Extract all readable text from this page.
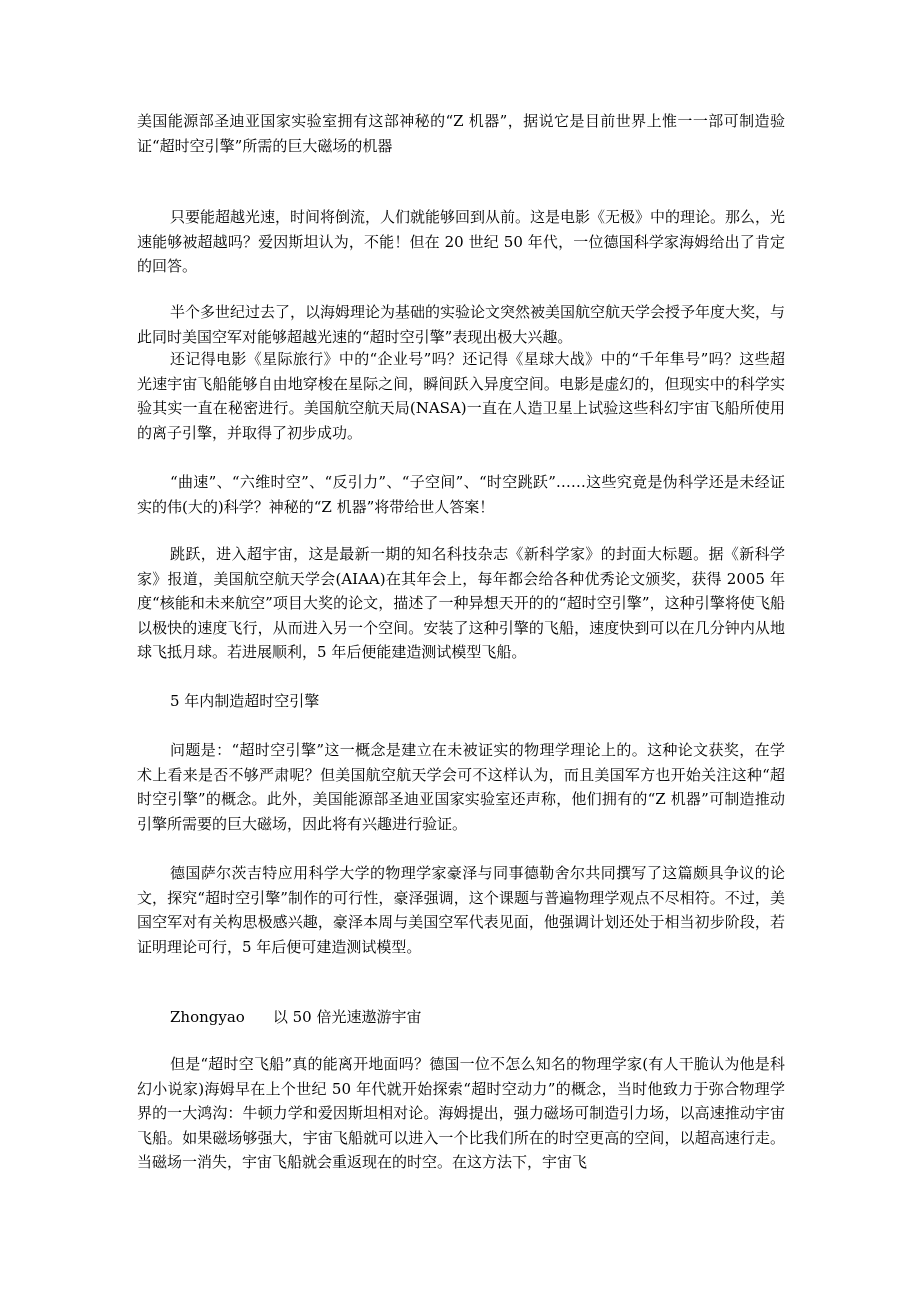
美国能源部圣迪亚国家实验室拥有这部神秘的“Z 机器”，据说它是目前世界上惟一一部可制造验证“超时空引擎”所需的巨大磁场的机器

只要能超越光速，时间将倒流，人们就能够回到从前。这是电影《无极》中的理论。那么，光速能够被超越吗？爱因斯坦认为，不能！但在 20 世纪 50 年代，一位德国科学家海姆给出了肯定的回答。

半个多世纪过去了，以海姆理论为基础的实验论文突然被美国航空航天学会授予年度大奖，与此同时美国空军对能够超越光速的“超时空引擎”表现出极大兴趣。

还记得电影《星际旅行》中的“企业号”吗？还记得《星球大战》中的“千年隼号”吗？这些超光速宇宙飞船能够自由地穿梭在星际之间，瞬间跃入异度空间。电影是虚幻的，但现实中的科学实验其实一直在秘密进行。美国航空航天局(NASA)一直在人造卫星上试验这些科幻宇宙飞船所使用的离子引擎，并取得了初步成功。

“曲速”、“六维时空”、“反引力”、“子空间”、“时空跳跃”……这些究竟是伪科学还是未经证实的伟(大的)科学？神秘的“Z 机器”将带给世人答案！

跳跃，进入超宇宙，这是最新一期的知名科技杂志《新科学家》的封面大标题。据《新科学家》报道，美国航空航天学会(AIAA)在其年会上，每年都会给各种优秀论文颁奖，获得 2005 年度“核能和未来航空”项目大奖的论文，描述了一种异想天开的的“超时空引擎”，这种引擎将使飞船以极快的速度飞行，从而进入另一个空间。安装了这种引擎的飞船，速度快到可以在几分钟内从地球飞抵月球。若进展顺利，5 年后便能建造测试模型飞船。

5 年内制造超时空引擎

问题是：“超时空引擎”这一概念是建立在未被证实的物理学理论上的。这种论文获奖，在学术上看来是否不够严肃呢？但美国航空航天学会可不这样认为，而且美国军方也开始关注这种“超时空引擎”的概念。此外，美国能源部圣迪亚国家实验室还声称，他们拥有的“Z 机器”可制造推动引擎所需要的巨大磁场，因此将有兴趣进行验证。

德国萨尔茨吉特应用科学大学的物理学家豪泽与同事德勒舍尔共同撰写了这篇颇具争议的论文，探究“超时空引擎”制作的可行性，豪泽强调，这个课题与普遍物理学观点不尽相符。不过，美国空军对有关构思极感兴趣，豪泽本周与美国空军代表见面，他强调计划还处于相当初步阶段，若证明理论可行，5 年后便可建造测试模型。

Zhongyao 以 50 倍光速遨游宇宙

但是“超时空飞船”真的能离开地面吗？德国一位不怎么知名的物理学家(有人干脆认为他是科幻小说家)海姆早在上个世纪 50 年代就开始探索“超时空动力”的概念，当时他致力于弥合物理学界的一大鸿沟：牛顿力学和爱因斯坦相对论。海姆提出，强力磁场可制造引力场，以高速推动宇宙飞船。如果磁场够强大，宇宙飞船就可以进入一个比我们所在的时空更高的空间，以超高速行走。当磁场一消失，宇宙飞船就会重返现在的时空。在这方法下，宇宙飞
